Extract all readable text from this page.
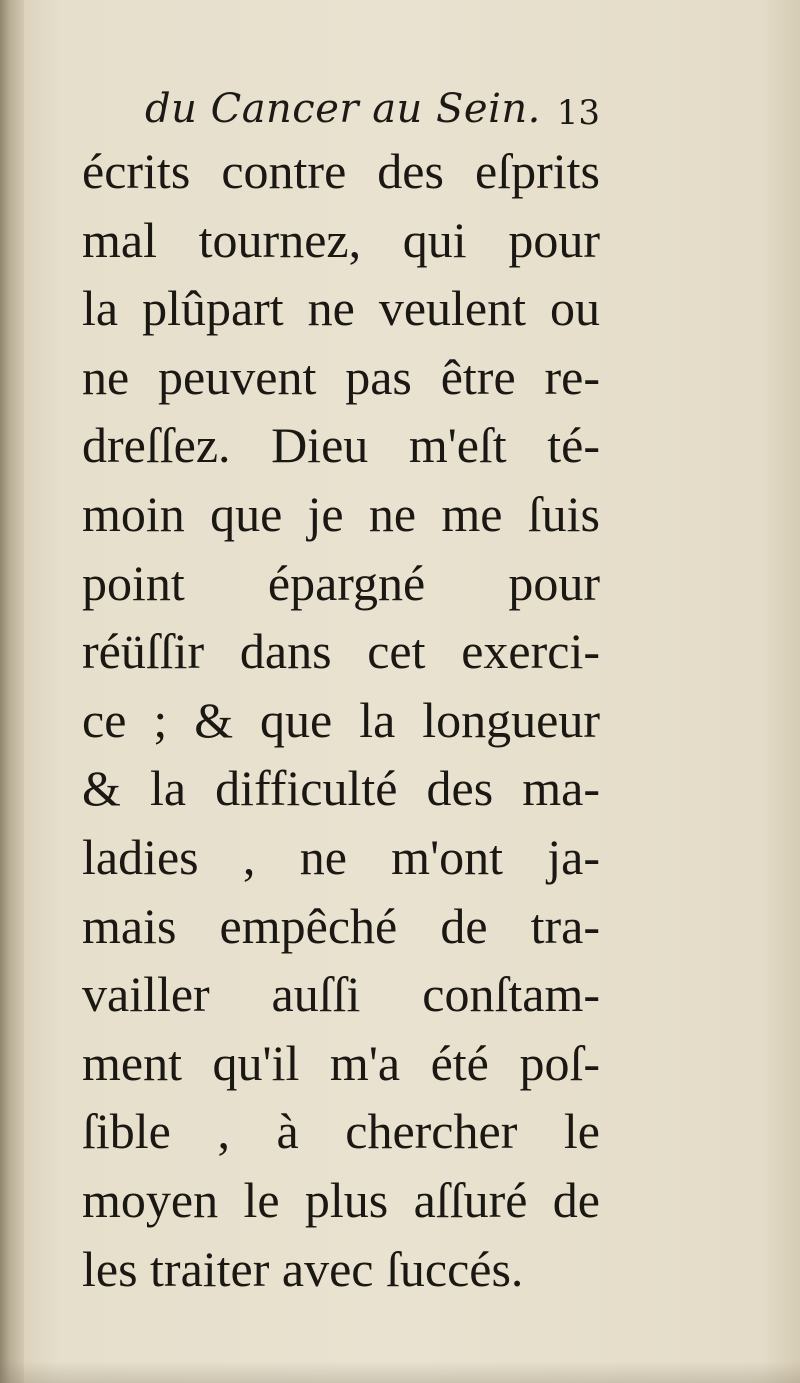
du Cancer au Sein. 13
écrits contre des eſprits
mal tournez, qui pour
la plûpart ne veulent ou
ne peuvent pas être re-
dreſſez. Dieu m'eſt té-
moin que je ne me ſuis
point épargné pour
réüſſir dans cet exerci-
ce ; & que la longueur
& la difficulté des ma-
ladies , ne m'ont ja-
mais empêché de tra-
vailler auſſi conſtam-
ment qu'il m'a été poſ-
ſible , à chercher le
moyen le plus aſſuré de
les traiter avec ſuccés.
